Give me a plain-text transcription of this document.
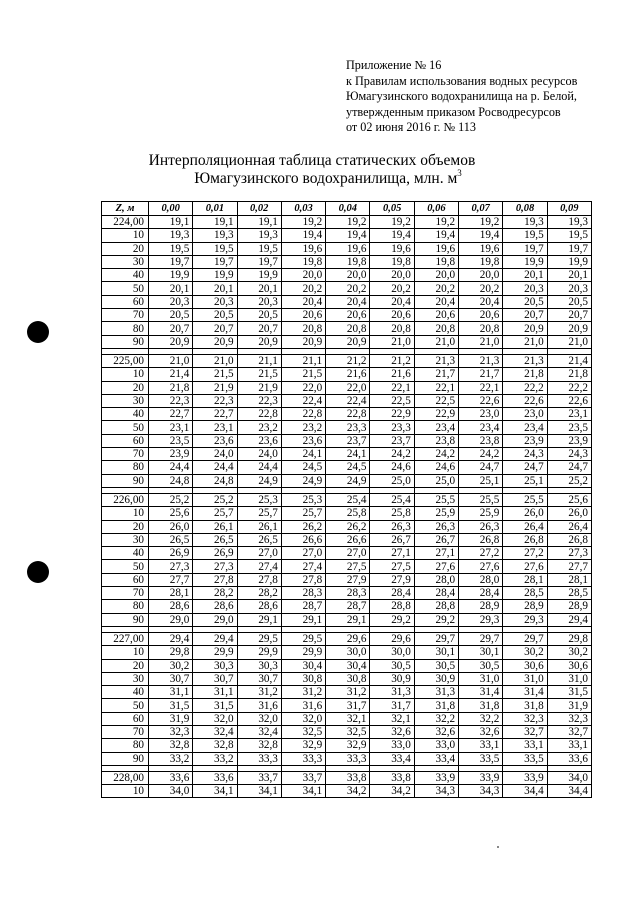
Приложение № 16
к Правилам использования водных ресурсов
Юмагузинского водохранилища на р. Белой,
утвержденным приказом Росводресурсов
от 02 июня 2016 г. № 113
Интерполяционная таблица статических объемов
Юмагузинского водохранилища, млн. $м^3$
Z, м	0,00	0,01	0,02	0,03	0,04	0,05	0,06	0,07	0,08	0,09
224,00	19,1	19,1	19,1	19,2	19,2	19,2	19,2	19,2	19,3	19,3
10	19,3	19,3	19,3	19,4	19,4	19,4	19,4	19,4	19,5	19,5
20	19,5	19,5	19,5	19,6	19,6	19,6	19,6	19,6	19,7	19,7
30	19,7	19,7	19,7	19,8	19,8	19,8	19,8	19,8	19,9	19,9
40	19,9	19,9	19,9	20,0	20,0	20,0	20,0	20,0	20,1	20,1
50	20,1	20,1	20,1	20,2	20,2	20,2	20,2	20,2	20,3	20,3
60	20,3	20,3	20,3	20,4	20,4	20,4	20,4	20,4	20,5	20,5
70	20,5	20,5	20,5	20,6	20,6	20,6	20,6	20,6	20,7	20,7
80	20,7	20,7	20,7	20,8	20,8	20,8	20,8	20,8	20,9	20,9
90	20,9	20,9	20,9	20,9	20,9	21,0	21,0	21,0	21,0	21,0

225,00	21,0	21,0	21,1	21,1	21,2	21,2	21,3	21,3	21,3	21,4
10	21,4	21,5	21,5	21,5	21,6	21,6	21,7	21,7	21,8	21,8
20	21,8	21,9	21,9	22,0	22,0	22,1	22,1	22,1	22,2	22,2
30	22,3	22,3	22,3	22,4	22,4	22,5	22,5	22,6	22,6	22,6
40	22,7	22,7	22,8	22,8	22,8	22,9	22,9	23,0	23,0	23,1
50	23,1	23,1	23,2	23,2	23,3	23,3	23,4	23,4	23,4	23,5
60	23,5	23,6	23,6	23,6	23,7	23,7	23,8	23,8	23,9	23,9
70	23,9	24,0	24,0	24,1	24,1	24,2	24,2	24,2	24,3	24,3
80	24,4	24,4	24,4	24,5	24,5	24,6	24,6	24,7	24,7	24,7
90	24,8	24,8	24,9	24,9	24,9	25,0	25,0	25,1	25,1	25,2

226,00	25,2	25,2	25,3	25,3	25,4	25,4	25,5	25,5	25,5	25,6
10	25,6	25,7	25,7	25,7	25,8	25,8	25,9	25,9	26,0	26,0
20	26,0	26,1	26,1	26,2	26,2	26,3	26,3	26,3	26,4	26,4
30	26,5	26,5	26,5	26,6	26,6	26,7	26,7	26,8	26,8	26,8
40	26,9	26,9	27,0	27,0	27,0	27,1	27,1	27,2	27,2	27,3
50	27,3	27,3	27,4	27,4	27,5	27,5	27,6	27,6	27,6	27,7
60	27,7	27,8	27,8	27,8	27,9	27,9	28,0	28,0	28,1	28,1
70	28,1	28,2	28,2	28,3	28,3	28,4	28,4	28,4	28,5	28,5
80	28,6	28,6	28,6	28,7	28,7	28,8	28,8	28,9	28,9	28,9
90	29,0	29,0	29,1	29,1	29,1	29,2	29,2	29,3	29,3	29,4

227,00	29,4	29,4	29,5	29,5	29,6	29,6	29,7	29,7	29,7	29,8
10	29,8	29,9	29,9	29,9	30,0	30,0	30,1	30,1	30,2	30,2
20	30,2	30,3	30,3	30,4	30,4	30,5	30,5	30,5	30,6	30,6
30	30,7	30,7	30,7	30,8	30,8	30,9	30,9	31,0	31,0	31,0
40	31,1	31,1	31,2	31,2	31,2	31,3	31,3	31,4	31,4	31,5
50	31,5	31,5	31,6	31,6	31,7	31,7	31,8	31,8	31,8	31,9
60	31,9	32,0	32,0	32,0	32,1	32,1	32,2	32,2	32,3	32,3
70	32,3	32,4	32,4	32,5	32,5	32,6	32,6	32,6	32,7	32,7
80	32,8	32,8	32,8	32,9	32,9	33,0	33,0	33,1	33,1	33,1
90	33,2	33,2	33,3	33,3	33,3	33,4	33,4	33,5	33,5	33,6

228,00	33,6	33,6	33,7	33,7	33,8	33,8	33,9	33,9	33,9	34,0
10	34,0	34,1	34,1	34,1	34,2	34,2	34,3	34,3	34,4	34,4
